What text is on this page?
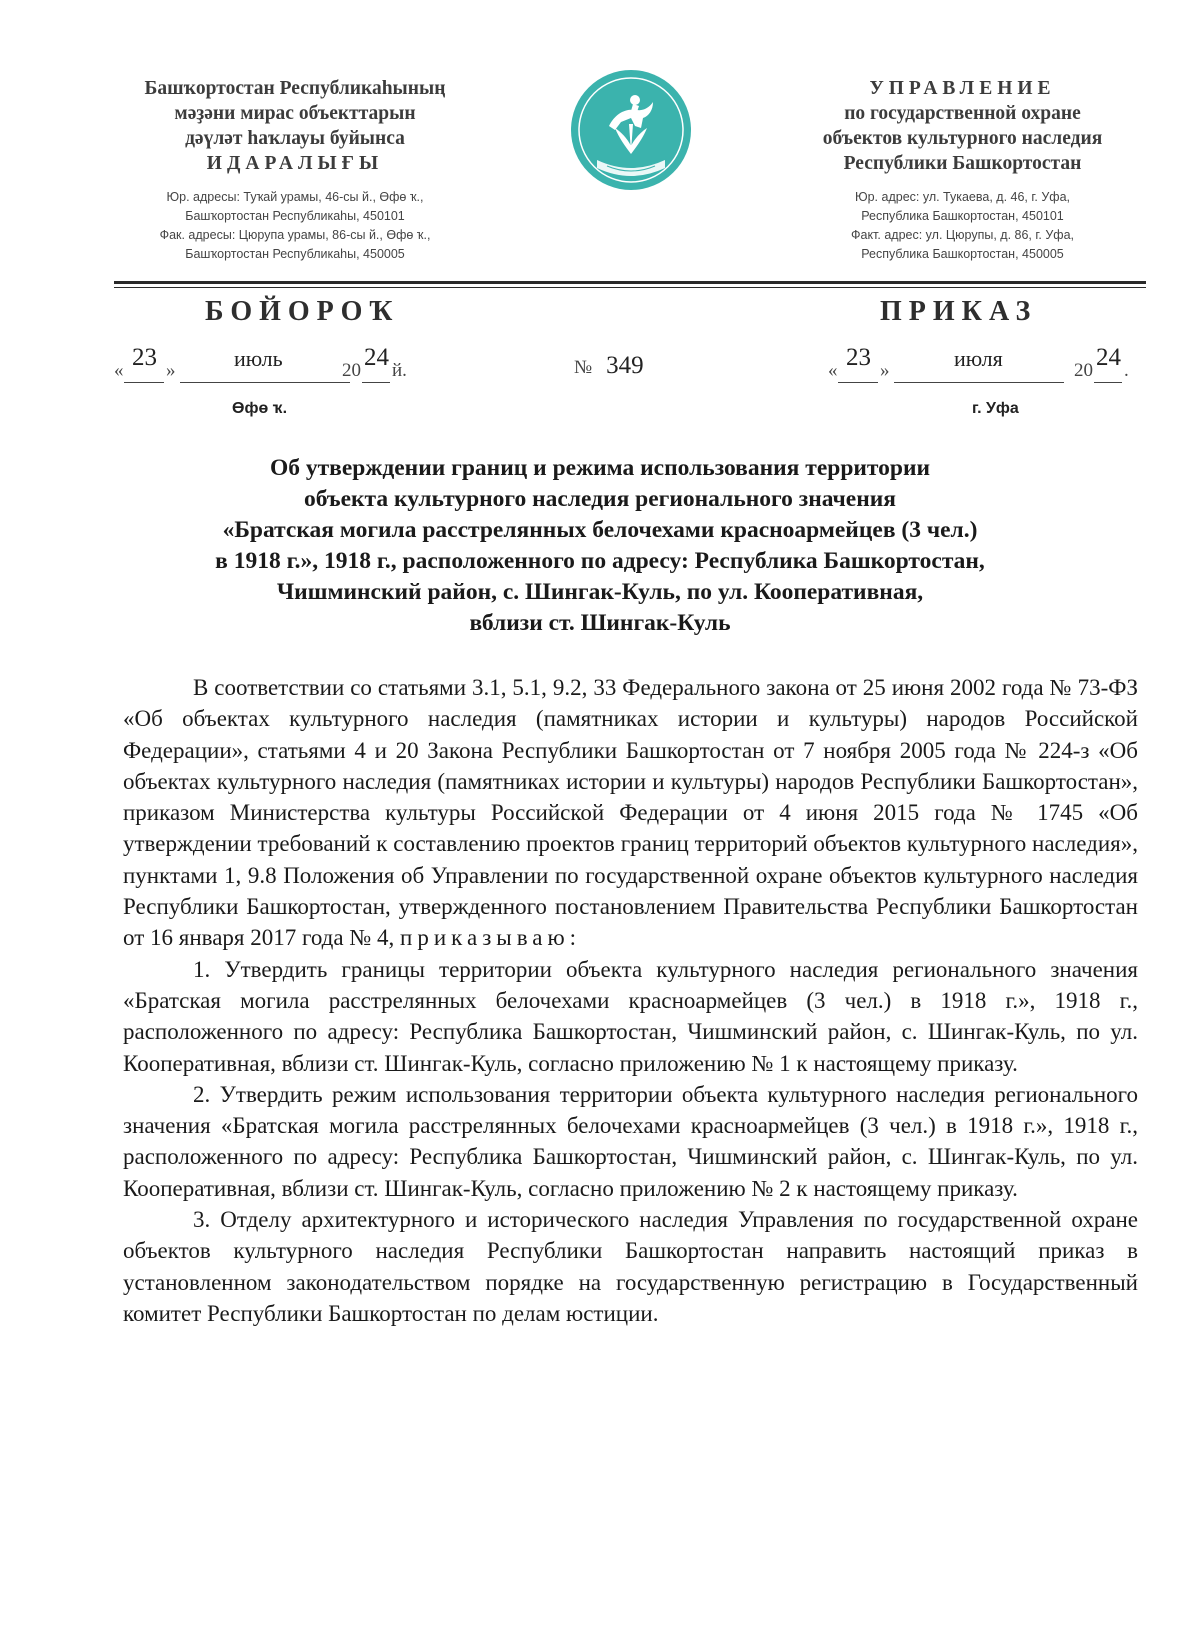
Башҡортостан Республикаһының
мәҙәни мирас объекттарын
дәүләт һаҡлауы буйынса
ИДАРАЛЫҒЫ
Юр. адресы: Туҡай урамы, 46-сы й., Өфө ҡ.,
Башҡортостан Республикаһы, 450101
Фак. адресы: Цюрупа урамы, 86-сы й., Өфө ҡ.,
Башҡортостан Республикаһы, 450005
УПРАВЛЕНИЕ
по государственной охране
объектов культурного наследия
Республики Башкортостан
Юр. адрес: ул. Тукаева, д. 46, г. Уфа,
Республика Башкортостан, 450101
Факт. адрес: ул. Цюрупы, д. 86, г. Уфа,
Республика Башкортостан, 450005
БОЙОРОҠ	ПРИКАЗ
« 23 »	июль	20 24 й.	№ 349	« 23 »	июля	20 24 .
Өфө ҡ.	г. Уфа
Об утверждении границ и режима использования территории
объекта культурного наследия регионального значения
«Братская могила расстрелянных белочехами красноармейцев (3 чел.)
в 1918 г.», 1918 г., расположенного по адресу: Республика Башкортостан,
Чишминский район, с. Шингак-Куль, по ул. Кооперативная,
вблизи ст. Шингак-Куль

В соответствии со статьями 3.1, 5.1, 9.2, 33 Федерального закона от 25 июня 2002 года № 73-ФЗ «Об объектах культурного наследия (памятниках истории и культуры) народов Российской Федерации», статьями 4 и 20 Закона Республики Башкортостан от 7 ноября 2005 года № 224-з «Об объектах культурного наследия (памятниках истории и культуры) народов Республики Башкортостан», приказом Министерства культуры Российской Федерации от 4 июня 2015 года № 1745 «Об утверждении требований к составлению проектов границ территорий объектов культурного наследия», пунктами 1, 9.8 Положения об Управлении по государственной охране объектов культурного наследия Республики Башкортостан, утвержденного постановлением Правительства Республики Башкортостан от 16 января 2017 года № 4, приказываю:

1. Утвердить границы территории объекта культурного наследия регионального значения «Братская могила расстрелянных белочехами красноармейцев (3 чел.) в 1918 г.», 1918 г., расположенного по адресу: Республика Башкортостан, Чишминский район, с. Шингак-Куль, по ул. Кооперативная, вблизи ст. Шингак-Куль, согласно приложению № 1 к настоящему приказу.

2. Утвердить режим использования территории объекта культурного наследия регионального значения «Братская могила расстрелянных белочехами красноармейцев (3 чел.) в 1918 г.», 1918 г., расположенного по адресу: Республика Башкортостан, Чишминский район, с. Шингак-Куль, по ул. Кооперативная, вблизи ст. Шингак-Куль, согласно приложению № 2 к настоящему приказу.

3. Отделу архитектурного и исторического наследия Управления по государственной охране объектов культурного наследия Республики Башкортостан направить настоящий приказ в установленном законодательством порядке на государственную регистрацию в Государственный комитет Республики Башкортостан по делам юстиции.
